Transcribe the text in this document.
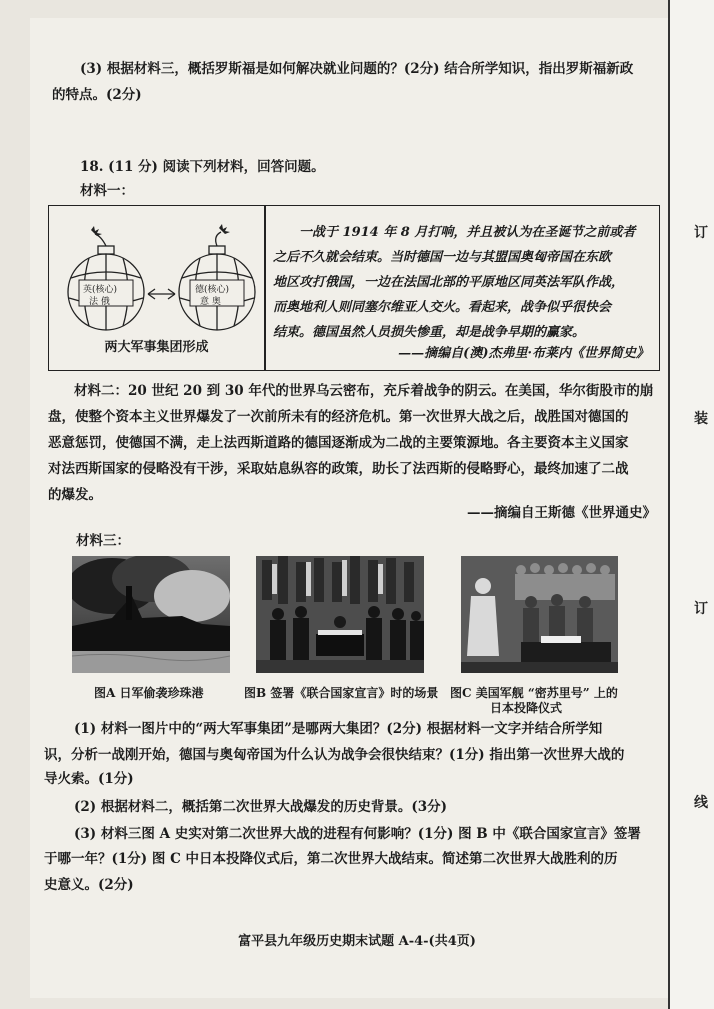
订
装
订
线
(3) 根据材料三，概括罗斯福是如何解决就业问题的？(2分) 结合所学知识，指出罗斯福新政
的特点。(2分)
18. (11 分) 阅读下列材料，回答问题。
材料一：
英(核心)
法 俄
德(核心)
意 奥
两大军事集团形成
一战于 1914 年 8 月打响，并且被认为在圣诞节之前或者
之后不久就会结束。当时德国一边与其盟国奥匈帝国在东欧
地区攻打俄国，一边在法国北部的平原地区同英法军队作战，
而奥地利人则同塞尔维亚人交火。看起来，战争似乎很快会
结束。德国虽然人员损失惨重，却是战争早期的赢家。
——摘编自(澳)杰弗里·布莱内《世界简史》
材料二：20 世纪 20 到 30 年代的世界乌云密布，充斥着战争的阴云。在美国，华尔街股市的崩
盘，使整个资本主义世界爆发了一次前所未有的经济危机。第一次世界大战之后，战胜国对德国的
恶意惩罚，使德国不满，走上法西斯道路的德国逐渐成为二战的主要策源地。各主要资本主义国家
对法西斯国家的侵略没有干涉，采取姑息纵容的政策，助长了法西斯的侵略野心，最终加速了二战
的爆发。
——摘编自王斯德《世界通史》
材料三：
图A 日军偷袭珍珠港	图B 签署《联合国家宣言》时的场景 图C 美国军舰 “密苏里号” 上的
日本投降仪式
(1) 材料一图片中的“两大军事集团”是哪两大集团？(2分) 根据材料一文字并结合所学知
识，分析一战刚开始，德国与奥匈帝国为什么认为战争会很快结束？(1分) 指出第一次世界大战的
导火索。(1分)
(2) 根据材料二，概括第二次世界大战爆发的历史背景。(3分)
(3) 材料三图 A 史实对第二次世界大战的进程有何影响？(1分) 图 B 中《联合国家宣言》签署
于哪一年？(1分) 图 C 中日本投降仪式后，第二次世界大战结束。简述第二次世界大战胜利的历
史意义。(2分)
富平县九年级历史期末试题 A-4-(共4页)
